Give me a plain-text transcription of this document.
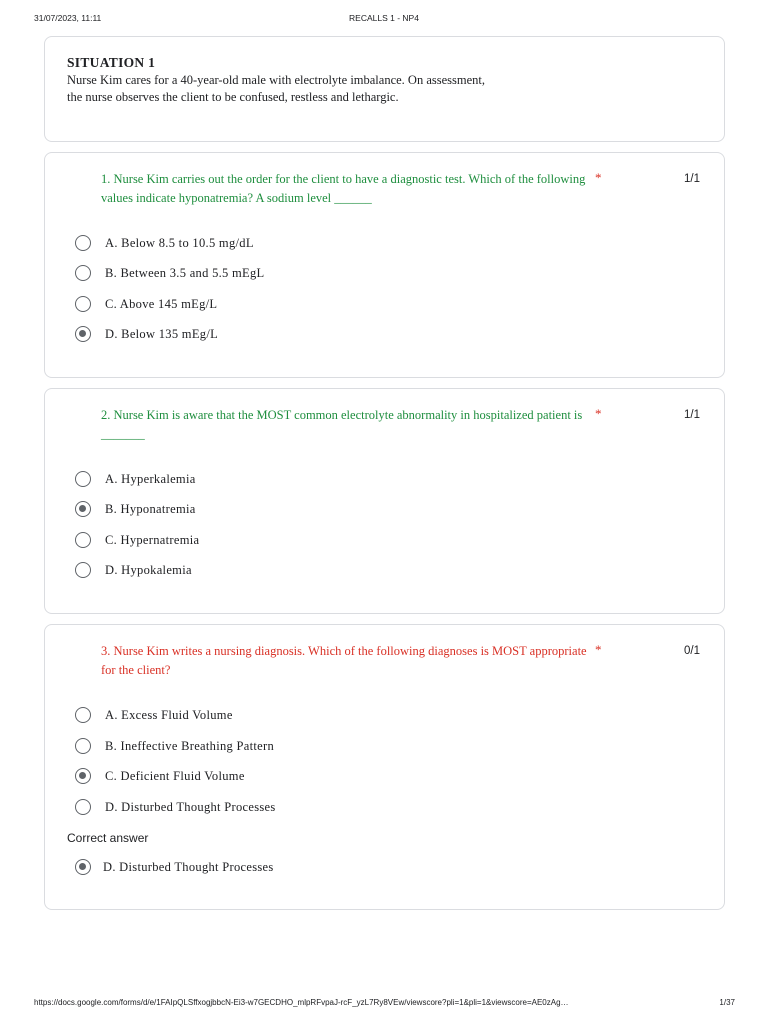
31/07/2023, 11:11	RECALLS 1 - NP4
SITUATION 1
Nurse Kim cares for a 40-year-old male with electrolyte imbalance. On assessment, the nurse observes the client to be confused, restless and lethargic.
1. Nurse Kim carries out the order for the client to have a diagnostic test. Which of the following values indicate hyponatremia? A sodium level ______
*	1/1
A. Below 8.5 to 10.5 mg/dL
B. Between 3.5 and 5.5 mEgL
C. Above 145 mEg/L
D. Below 135 mEg/L
2. Nurse Kim is aware that the MOST common electrolyte abnormality in hospitalized patient is _______
*	1/1
A. Hyperkalemia
B. Hyponatremia
C. Hypernatremia
D. Hypokalemia
3. Nurse Kim writes a nursing diagnosis. Which of the following diagnoses is MOST appropriate for the client?
*	0/1
A. Excess Fluid Volume
B. Ineffective Breathing Pattern
C. Deficient Fluid Volume
D. Disturbed Thought Processes
Correct answer
D. Disturbed Thought Processes
https://docs.google.com/forms/d/e/1FAIpQLSffxogjbbcN-Ei3-w7GECDHO_mlpRFvpaJ-rcF_yzL7Ry8VEw/viewscore?pli=1&pli=1&viewscore=AE0zAg…	1/37
